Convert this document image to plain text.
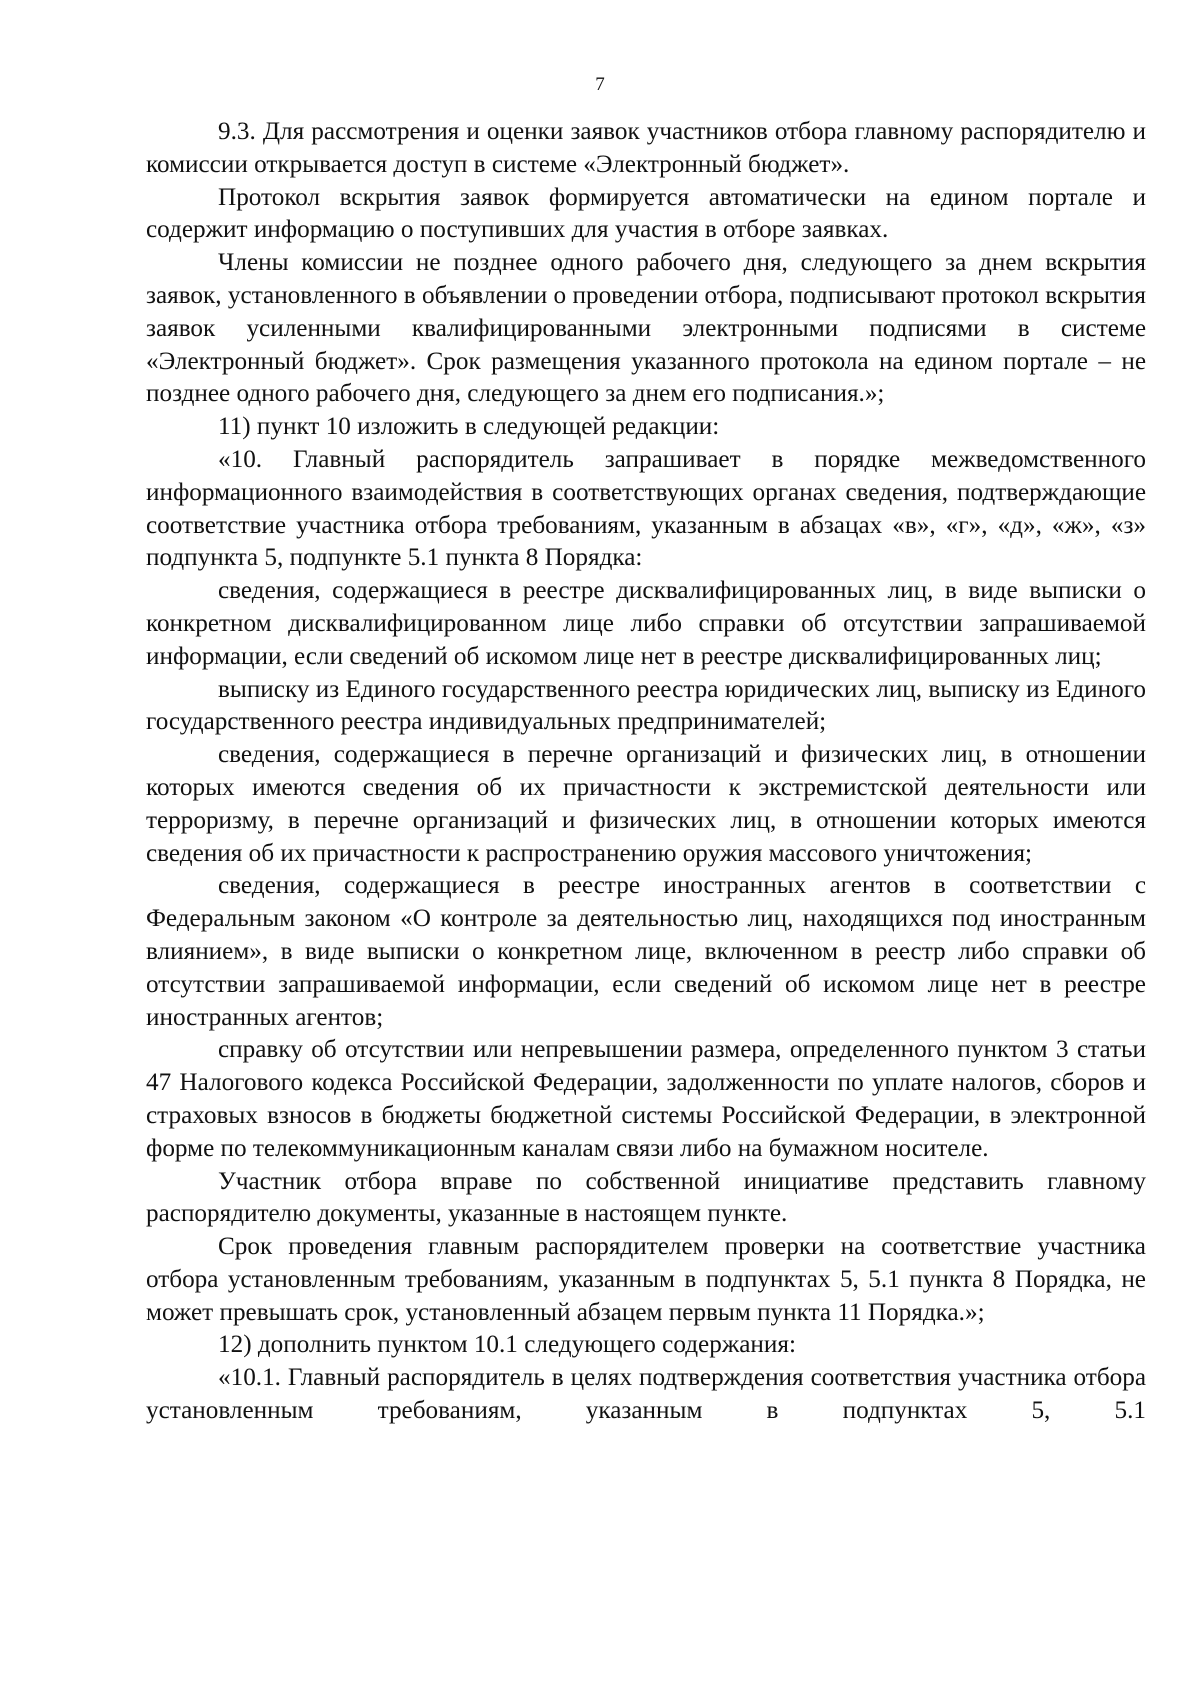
7

9.3. Для рассмотрения и оценки заявок участников отбора главному распорядителю и комиссии открывается доступ в системе «Электронный бюджет».

Протокол вскрытия заявок формируется автоматически на едином портале и содержит информацию о поступивших для участия в отборе заявках.

Члены комиссии не позднее одного рабочего дня, следующего за днем вскрытия заявок, установленного в объявлении о проведении отбора, подписывают протокол вскрытия заявок усиленными квалифицированными электронными подписями в системе «Электронный бюджет». Срок размещения указанного протокола на едином портале – не позднее одного рабочего дня, следующего за днем его подписания.»;

11) пункт 10 изложить в следующей редакции:

«10. Главный распорядитель запрашивает в порядке межведомственного информационного взаимодействия в соответствующих органах сведения, подтверждающие соответствие участника отбора требованиям, указанным в абзацах «в», «г», «д», «ж», «з» подпункта 5, подпункте 5.1 пункта 8 Порядка:

сведения, содержащиеся в реестре дисквалифицированных лиц, в виде выписки о конкретном дисквалифицированном лице либо справки об отсутствии запрашиваемой информации, если сведений об искомом лице нет в реестре дисквалифицированных лиц;

выписку из Единого государственного реестра юридических лиц, выписку из Единого государственного реестра индивидуальных предпринимателей;

сведения, содержащиеся в перечне организаций и физических лиц, в отношении которых имеются сведения об их причастности к экстремистской деятельности или терроризму, в перечне организаций и физических лиц, в отношении которых имеются сведения об их причастности к распространению оружия массового уничтожения;

сведения, содержащиеся в реестре иностранных агентов в соответствии с Федеральным законом «О контроле за деятельностью лиц, находящихся под иностранным влиянием», в виде выписки о конкретном лице, включенном в реестр либо справки об отсутствии запрашиваемой информации, если сведений об искомом лице нет в реестре иностранных агентов;

справку об отсутствии или непревышении размера, определенного пунктом 3 статьи 47 Налогового кодекса Российской Федерации, задолженности по уплате налогов, сборов и страховых взносов в бюджеты бюджетной системы Российской Федерации, в электронной форме по телекоммуникационным каналам связи либо на бумажном носителе.

Участник отбора вправе по собственной инициативе представить главному распорядителю документы, указанные в настоящем пункте.

Срок проведения главным распорядителем проверки на соответствие участника отбора установленным требованиям, указанным в подпунктах 5, 5.1 пункта 8 Порядка, не может превышать срок, установленный абзацем первым пункта 11 Порядка.»;

12) дополнить пунктом 10.1 следующего содержания:

«10.1. Главный распорядитель в целях подтверждения соответствия участника отбора установленным требованиям, указанным в подпунктах 5, 5.1
